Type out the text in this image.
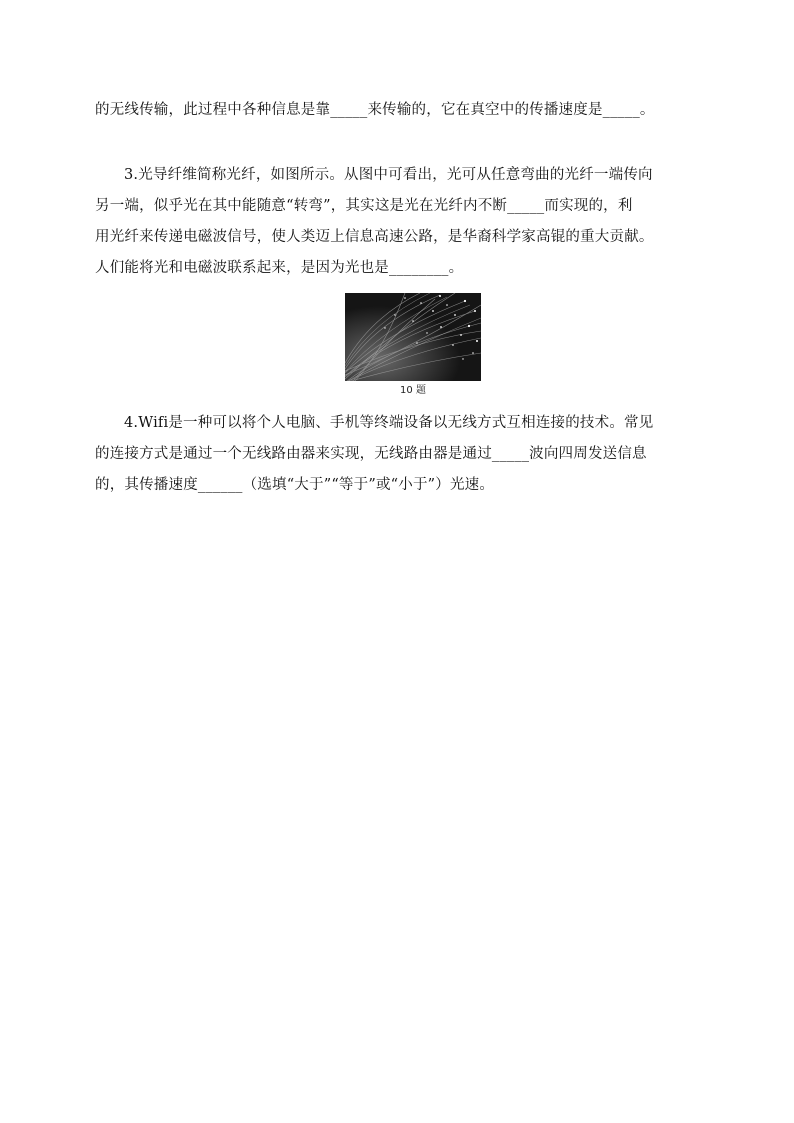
的无线传输，此过程中各种信息是靠_____来传输的，它在真空中的传播速度是_____。
3.光导纤维简称光纤，如图所示。从图中可看出，光可从任意弯曲的光纤一端传向
另一端，似乎光在其中能随意“转弯”，其实这是光在光纤内不断_____而实现的，利
用光纤来传递电磁波信号，使人类迈上信息高速公路，是华裔科学家高锟的重大贡献。
人们能将光和电磁波联系起来，是因为光也是________。
10 题
4.Wifi是一种可以将个人电脑、手机等终端设备以无线方式互相连接的技术。常见
的连接方式是通过一个无线路由器来实现，无线路由器是通过_____波向四周发送信息
的，其传播速度______（选填“大于”“等于”或“小于”）光速。
